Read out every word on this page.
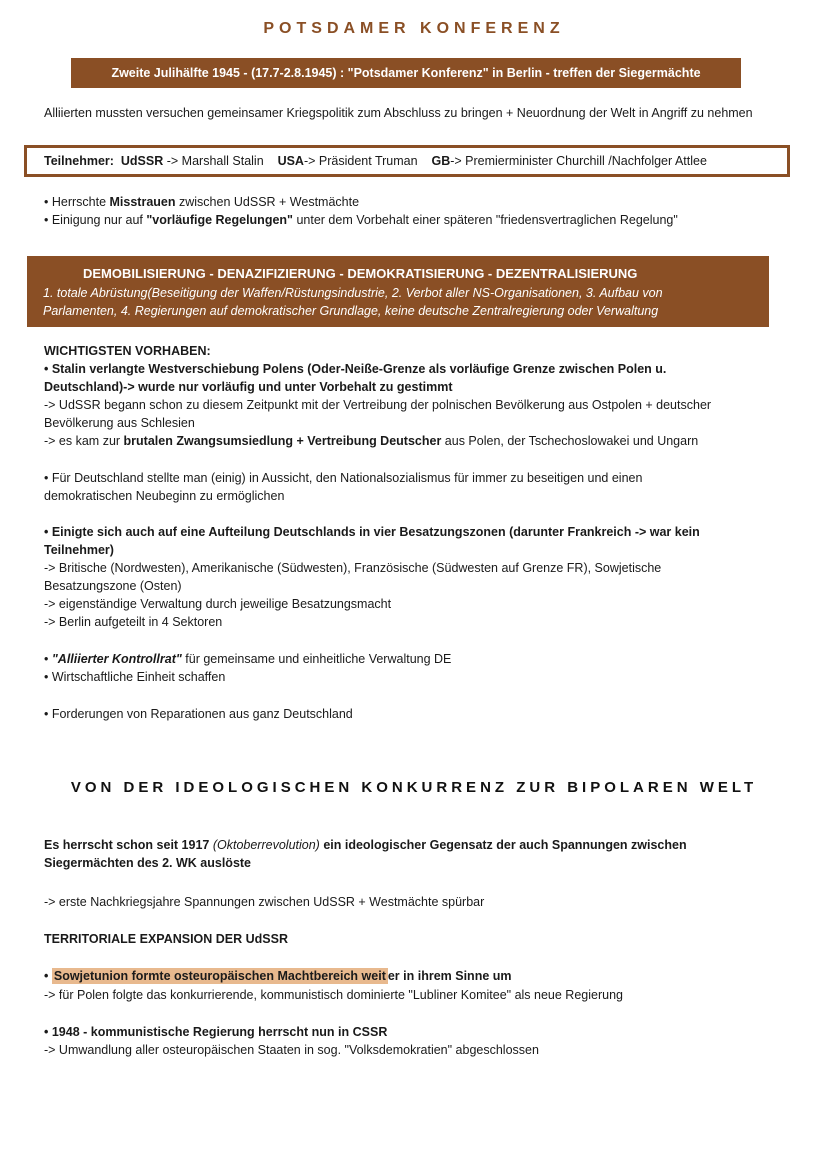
POTSDAMER KONFERENZ
Zweite Julihälfte 1945 - (17.7-2.8.1945) : "Potsdamer Konferenz" in Berlin - treffen der Siegermächte
Alliierten mussten versuchen gemeinsamer Kriegspolitik zum Abschluss zu bringen + Neuordnung der Welt in Angriff zu nehmen
Teilnehmer: UdSSR -> Marshall Stalin USA-> Präsident Truman GB-> Premierminister Churchill /Nachfolger Attlee
• Herrschte Misstrauen zwischen UdSSR + Westmächte
• Einigung nur auf "vorläufige Regelungen" unter dem Vorbehalt einer späteren "friedensvertraglichen Regelung"
DEMOBILISIERUNG - DENAZIFIZIERUNG - DEMOKRATISIERUNG - DEZENTRALISIERUNG
1. totale Abrüstung(Beseitigung der Waffen/Rüstungsindustrie, 2. Verbot aller NS-Organisationen, 3. Aufbau von
Parlamenten, 4. Regierungen auf demokratischer Grundlage, keine deutsche Zentralregierung oder Verwaltung
WICHTIGSTEN VORHABEN:
• Stalin verlangte Westverschiebung Polens (Oder-Neiße-Grenze als vorläufige Grenze zwischen Polen u.
Deutschland)-> wurde nur vorläufig und unter Vorbehalt zu gestimmt
-> UdSSR begann schon zu diesem Zeitpunkt mit der Vertreibung der polnischen Bevölkerung aus Ostpolen + deutscher
Bevölkerung aus Schlesien
-> es kam zur brutalen Zwangsumsiedlung + Vertreibung Deutscher aus Polen, der Tschechoslowakei und Ungarn
• Für Deutschland stellte man (einig) in Aussicht, den Nationalsozialismus für immer zu beseitigen und einen
demokratischen Neubeginn zu ermöglichen
• Einigte sich auch auf eine Aufteilung Deutschlands in vier Besatzungszonen (darunter Frankreich -> war kein
Teilnehmer)
-> Britische (Nordwesten), Amerikanische (Südwesten), Französische (Südwesten auf Grenze FR), Sowjetische
Besatzungszone (Osten)
-> eigenständige Verwaltung durch jeweilige Besatzungsmacht
-> Berlin aufgeteilt in 4 Sektoren
• "Alliierter Kontrollrat" für gemeinsame und einheitliche Verwaltung DE
• Wirtschaftliche Einheit schaffen
• Forderungen von Reparationen aus ganz Deutschland
VON DER IDEOLOGISCHEN KONKURRENZ ZUR BIPOLAREN WELT
Es herrscht schon seit 1917 (Oktoberrevolution) ein ideologischer Gegensatz der auch Spannungen zwischen
Siegermächten des 2. WK auslöste
-> erste Nachkriegsjahre Spannungen zwischen UdSSR + Westmächte spürbar
TERRITORIALE EXPANSION DER UdSSR
• Sowjetunion formte osteuropäischen Machtbereich weit er in ihrem Sinne um
-> für Polen folgte das konkurrierende, kommunistisch dominierte "Lubliner Komitee" als neue Regierung
• 1948 - kommunistische Regierung herrscht nun in CSSR
-> Umwandlung aller osteuropäischen Staaten in sog. "Volksdemokratien" abgeschlossen
